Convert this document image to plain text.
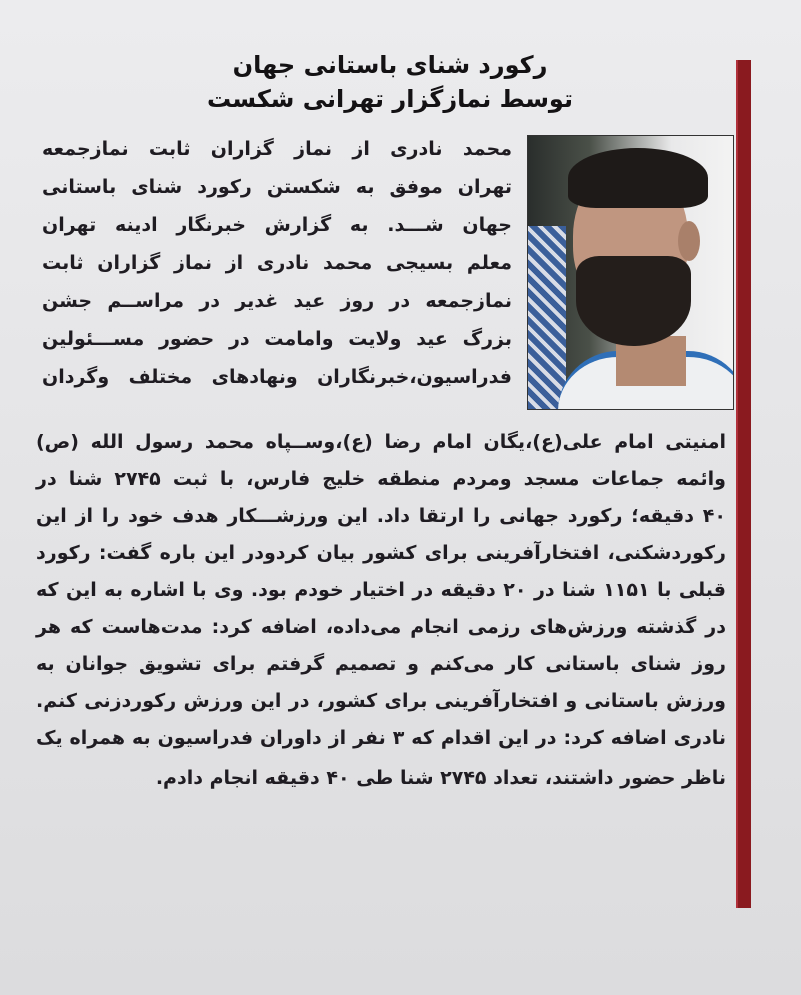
رکورد شنای باستانی جهان
توسط نمازگزار تهرانی شکست
محمد نادری از نماز گزاران ثابت نمازجمعه
تهران موفق به شکستن رکورد شنای باستانی
جهان شـــد. به گزارش خبرنگار ادینه تهران
معلم بسیجی محمد نادری از نماز گزاران ثابت
نمازجمعه در روز عید غدیر در مراســم جشن
بزرگ عید ولایت وامامت در حضور مســـئولین
فدراسیون،خبرنگاران ونهادهای مختلف وگردان
امنیتی امام علی(ع)،یگان امام رضا (ع)،وســپاه محمد رسول الله (ص)
وائمه جماعات مسجد ومردم منطقه خلیج فارس، با ثبت ۲۷۴۵ شنا در
۴۰ دقیقه؛ رکورد جهانی را ارتقا داد. این ورزشـــکار هدف خود را از این
رکوردشکنی، افتخارآفرینی برای کشور بیان کردودر این باره گفت: رکورد
قبلی با ۱۱۵۱ شنا در ۲۰ دقیقه در اختیار خودم بود. وی با اشاره به این که
در گذشته ورزش‌های رزمی انجام می‌داده، اضافه کرد: مدت‌هاست که هر
روز شنای باستانی کار می‌کنم و تصمیم گرفتم برای تشویق جوانان به
ورزش باستانی و افتخارآفرینی برای کشور، در این ورزش رکوردزنی کنم.
نادری اضافه کرد: در این اقدام که ۳ نفر از داوران فدراسیون به همراه یک
ناظر حضور داشتند، تعداد ۲۷۴۵ شنا طی ۴۰ دقیقه انجام دادم.
